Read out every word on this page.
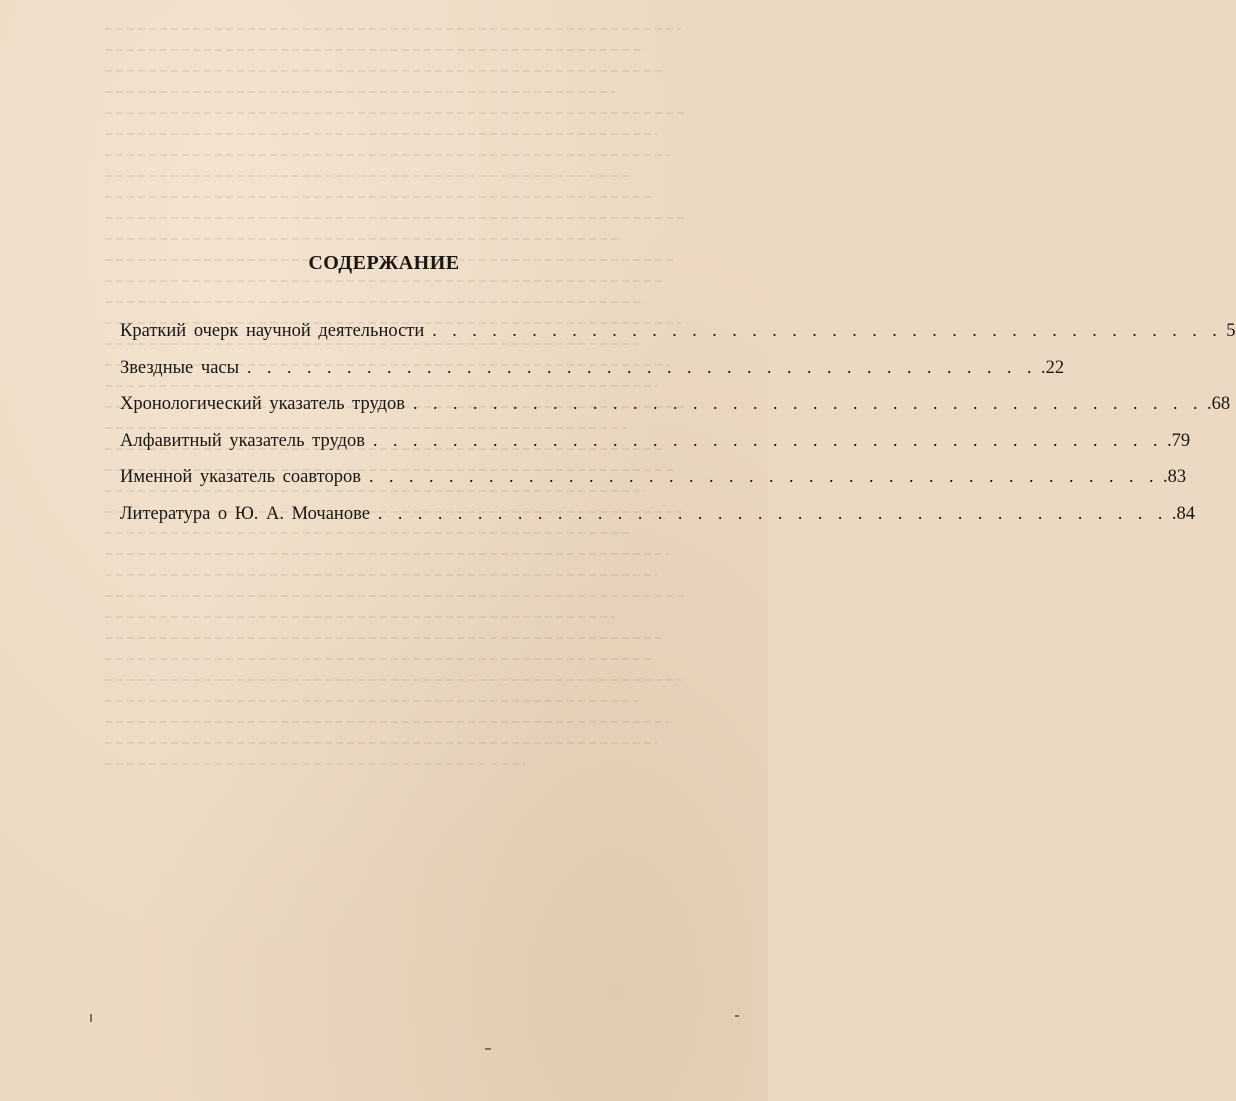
СОДЕРЖАНИЕ
Краткий очерк научной деятельности . . . . . . . . . . . . . . . . . . . . . . . . . . . . . . . . . . . . . . . . 5
Звездные часы . . . . . . . . . . . . . . . . . . . . . . . . . . . . . . . . . . . . . . . . .22
Хронологический указатель трудов . . . . . . . . . . . . . . . . . . . . . . . . . . . . . . . . . . . . . . . . .68
Алфавитный указатель трудов . . . . . . . . . . . . . . . . . . . . . . . . . . . . . . . . . . . . . . . . .79
Именной указатель соавторов . . . . . . . . . . . . . . . . . . . . . . . . . . . . . . . . . . . . . . . . .83
Литература о Ю. А. Мочанове . . . . . . . . . . . . . . . . . . . . . . . . . . . . . . . . . . . . . . . . .84
